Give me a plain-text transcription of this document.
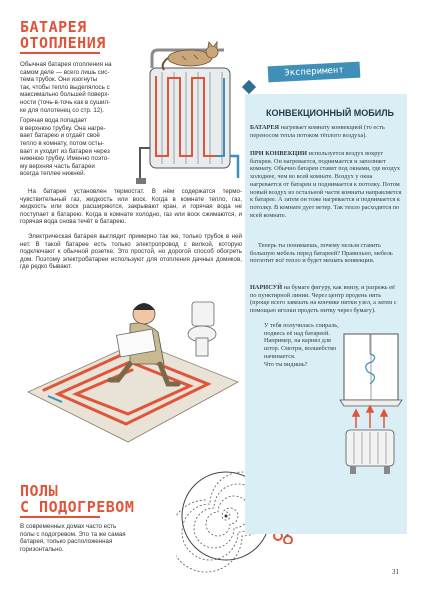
БАТАРЕЯ
ОТОПЛЕНИЯ
Обычная батарея отопления на
самом деле — всего лишь сис-
тема трубок. Они изогнуты
так, чтобы тепло выделялось с
максимально большей поверх-
ности (точь-в-точь как в сушил-
ке для полотенец со стр. 12).
Горячая вода попадает
в верхнюю трубку. Она нагре-
вает батарею и отдаёт своё
тепло в комнату, потом осты-
вает и уходит из батареи через
нижнюю трубку. Именно поэто-
му верхняя часть батареи
всегда теплее нижней.
На батарее установлен термостат. В нём содержатся термочувствительный газ, жидкость или воск. Когда в комнате тепло, газ, жидкость или воск расширяются, закрывают кран, и горячая вода не поступает в батарею. Когда в комнате холодно, газ или воск сжимаются, и горячая вода снова течёт в батарею.
Электрическая батарея выглядит примерно так же, только трубок в ней нет. В такой батарее есть только электропровод с вилкой, которую подключают к обычной розетке. Это простой, но дорогой способ обогреть дом. Поэтому электробатареи используют для отопления дачных домиков, где редко бывают.
ПОЛЫ
С ПОДОГРЕВОМ
В современных домах часто есть
полы с подогревом. Это та же самая
батарея, только расположенная
горизонтально.
Эксперимент
КОНВЕКЦИОННЫЙ МОБИЛЬ
БАТАРЕЯ нагревает комнату конвекцией (то есть переносом тепла потоком тёплого воздуха).
ПРИ КОНВЕКЦИИ используется воздух вокруг батареи. Он нагревается, поднимается и заполняет комнату. Обычно батареи ставят под окнами, где воздух холоднее, чем во всей комнате. Воздух у окна нагревается от батареи и поднимается к потолку. Потом новый воздух из остальной части комнаты направляется к батарее. А затем он тоже нагревается и поднимается к потолку. В комнате дует ветер. Так тепло расходится по всей комнате.
Теперь ты понимаешь, почему нельзя ставить большую мебель перед батареей? Правильно, мебель поглотит всё тепло и будет мешать конвекции.
НАРИСУЙ на бумаге фигуру, как внизу, и разрежь её по пунктирной линии. Через центр продень нить (проще всего завязать на кончике нитки узел, а затем с помощью иголки продеть нитку через бумагу).
У тебя получилась спираль,
подвесь её над батареей.
Например, на карниз для
штор. Смотри, волшебство
начинается.
Что ты видишь?
31
